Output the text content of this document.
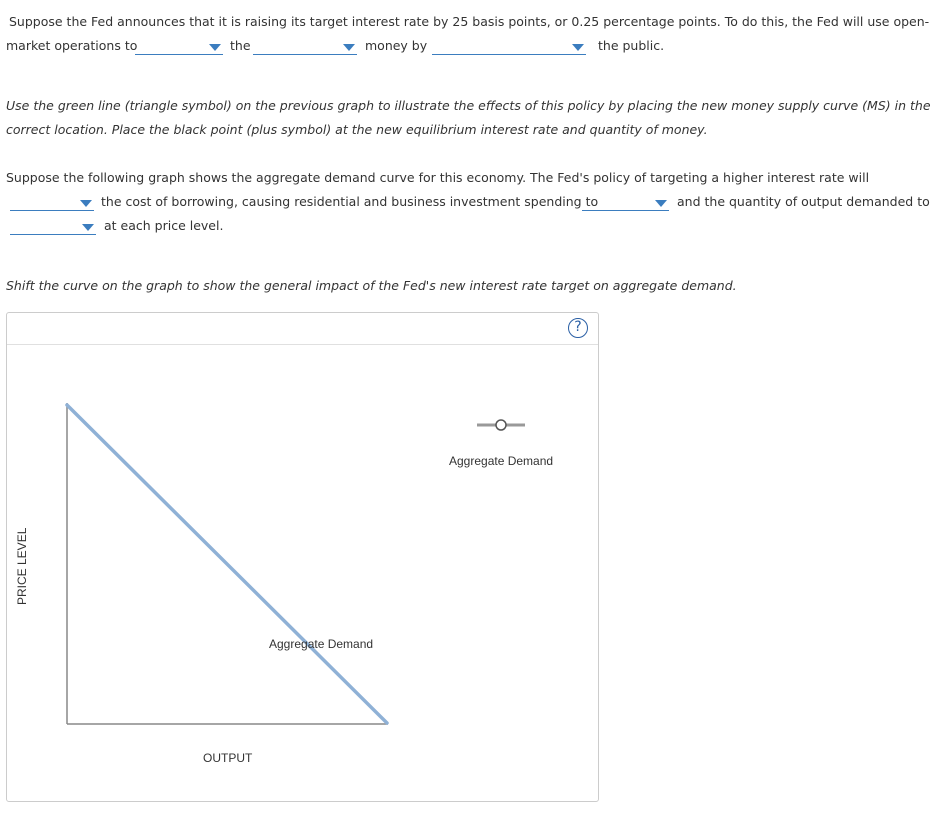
Suppose the Fed announces that it is raising its target interest rate by 25 basis points, or 0.25 percentage points. To do this, the Fed will use open-
market operations to	the	money by	the public.
Use the green line (triangle symbol) on the previous graph to illustrate the effects of this policy by placing the new money supply curve (MS) in the
correct location. Place the black point (plus symbol) at the new equilibrium interest rate and quantity of money.
Suppose the following graph shows the aggregate demand curve for this economy. The Fed's policy of targeting a higher interest rate will
the cost of borrowing, causing residential and business investment spending to	and the quantity of output demanded to
at each price level.
Shift the curve on the graph to show the general impact of the Fed's new interest rate target on aggregate demand.
?
Aggregate Demand
OUTPUT
PRICE LEVEL
Aggregate Demand
